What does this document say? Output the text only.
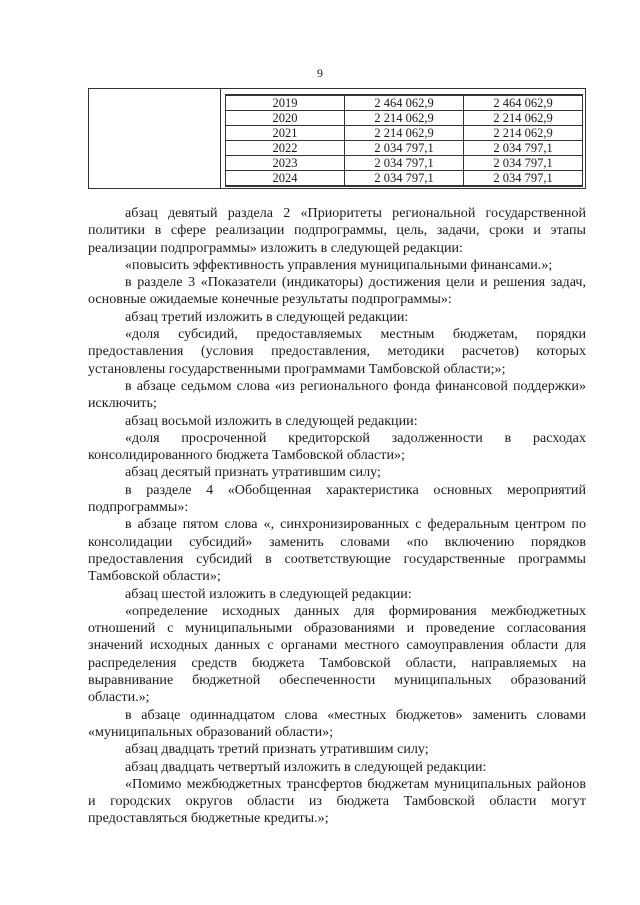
9
2019	2 464 062,9	2 464 062,9
2020	2 214 062,9	2 214 062,9
2021	2 214 062,9	2 214 062,9
2022	2 034 797,1	2 034 797,1
2023	2 034 797,1	2 034 797,1
2024	2 034 797,1	2 034 797,1

абзац девятый раздела 2 «Приоритеты региональной государственной политики в сфере реализации подпрограммы, цель, задачи, сроки и этапы реализации подпрограммы» изложить в следующей редакции:

«повысить эффективность управления муниципальными финансами.»;

в разделе 3 «Показатели (индикаторы) достижения цели и решения задач, основные ожидаемые конечные результаты подпрограммы»:

абзац третий изложить в следующей редакции:

«доля субсидий, предоставляемых местным бюджетам, порядки предоставления (условия предоставления, методики расчетов) которых установлены государственными программами Тамбовской области;»;

в абзаце седьмом слова «из регионального фонда финансовой поддержки» исключить;

абзац восьмой изложить в следующей редакции:

«доля просроченной кредиторской задолженности в расходах консолидированного бюджета Тамбовской области»;

абзац десятый признать утратившим силу;

в разделе 4 «Обобщенная характеристика основных мероприятий подпрограммы»:

в абзаце пятом слова «, синхронизированных с федеральным центром по консолидации субсидий» заменить словами «по включению порядков предоставления субсидий в соответствующие государственные программы Тамбовской области»;

абзац шестой изложить в следующей редакции:

«определение исходных данных для формирования межбюджетных отношений с муниципальными образованиями и проведение согласования значений исходных данных с органами местного самоуправления области для распределения средств бюджета Тамбовской области, направляемых на выравнивание бюджетной обеспеченности муниципальных образований области.»;

в абзаце одиннадцатом слова «местных бюджетов» заменить словами «муниципальных образований области»;

абзац двадцать третий признать утратившим силу;

абзац двадцать четвертый изложить в следующей редакции:

«Помимо межбюджетных трансфертов бюджетам муниципальных районов и городских округов области из бюджета Тамбовской области могут предоставляться бюджетные кредиты.»;
